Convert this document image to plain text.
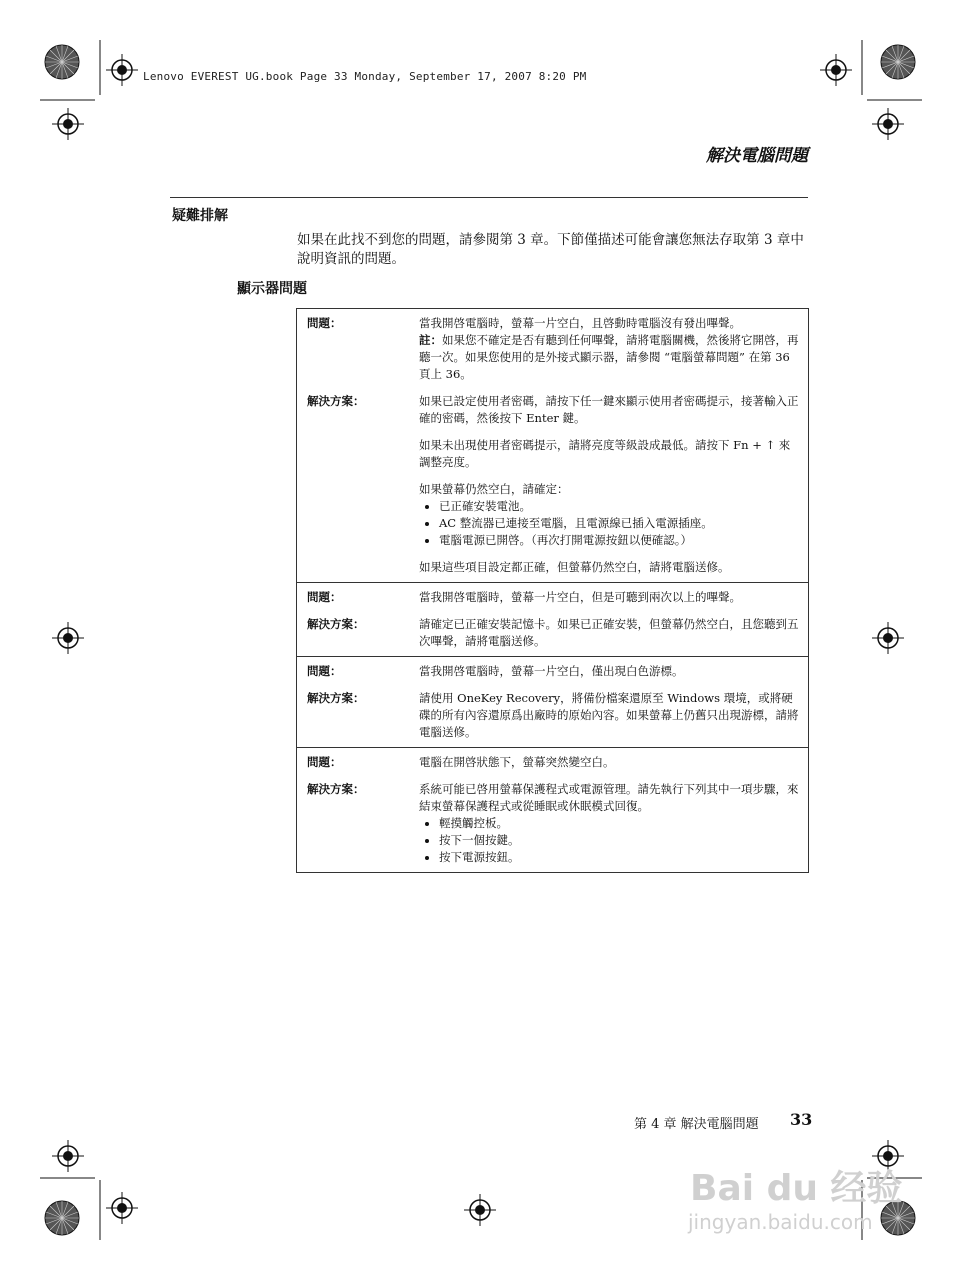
Lenovo EVEREST UG.book Page 33 Monday, September 17, 2007 8:20 PM
解決電腦問題
疑難排解
如果在此找不到您的問題，請參閱第 3 章。下節僅描述可能會讓您無法存取第 3 章中說明資訊的問題。
顯示器問題
問題：	當我開啓電腦時，螢幕一片空白，且啓動時電腦沒有發出嗶聲。

註：如果您不確定是否有聽到任何嗶聲，請將電腦關機，然後將它開啓，再聽一次。如果您使用的是外接式顯示器，請參閱 “電腦螢幕問題” 在第 36 頁上 36。

解決方案：	如果已設定使用者密碼，請按下任一鍵來顯示使用者密碼提示，接著輸入正確的密碼，然後按下 Enter 鍵。

如果未出現使用者密碼提示，請將亮度等級設成最低。請按下 Fn + ↑ 來調整亮度。

如果螢幕仍然空白，請確定：

• 已正確安裝電池。
• AC 整流器已連接至電腦，且電源線已插入電源插座。
• 電腦電源已開啓。（再次打開電源按鈕以便確認。）

如果這些項目設定都正確，但螢幕仍然空白，請將電腦送修。

問題：	當我開啓電腦時，螢幕一片空白，但是可聽到兩次以上的嗶聲。

解決方案：	請確定已正確安裝記憶卡。如果已正確安裝，但螢幕仍然空白，且您聽到五次嗶聲，請將電腦送修。

問題：	當我開啓電腦時，螢幕一片空白，僅出現白色游標。

解決方案：	請使用 OneKey Recovery，將備份檔案還原至 Windows 環境，或將硬碟的所有內容還原爲出廠時的原始內容。如果螢幕上仍舊只出現游標，請將電腦送修。

問題：	電腦在開啓狀態下，螢幕突然變空白。

解決方案：	系統可能已啓用螢幕保護程式或電源管理。請先執行下列其中一項步驟，來結束螢幕保護程式或從睡眠或休眠模式回復。

• 輕摸觸控板。
• 按下一個按鍵。
• 按下電源按鈕。
第 4 章 解決電腦問題 33
Bai du 经验
jingyan.baidu.com
